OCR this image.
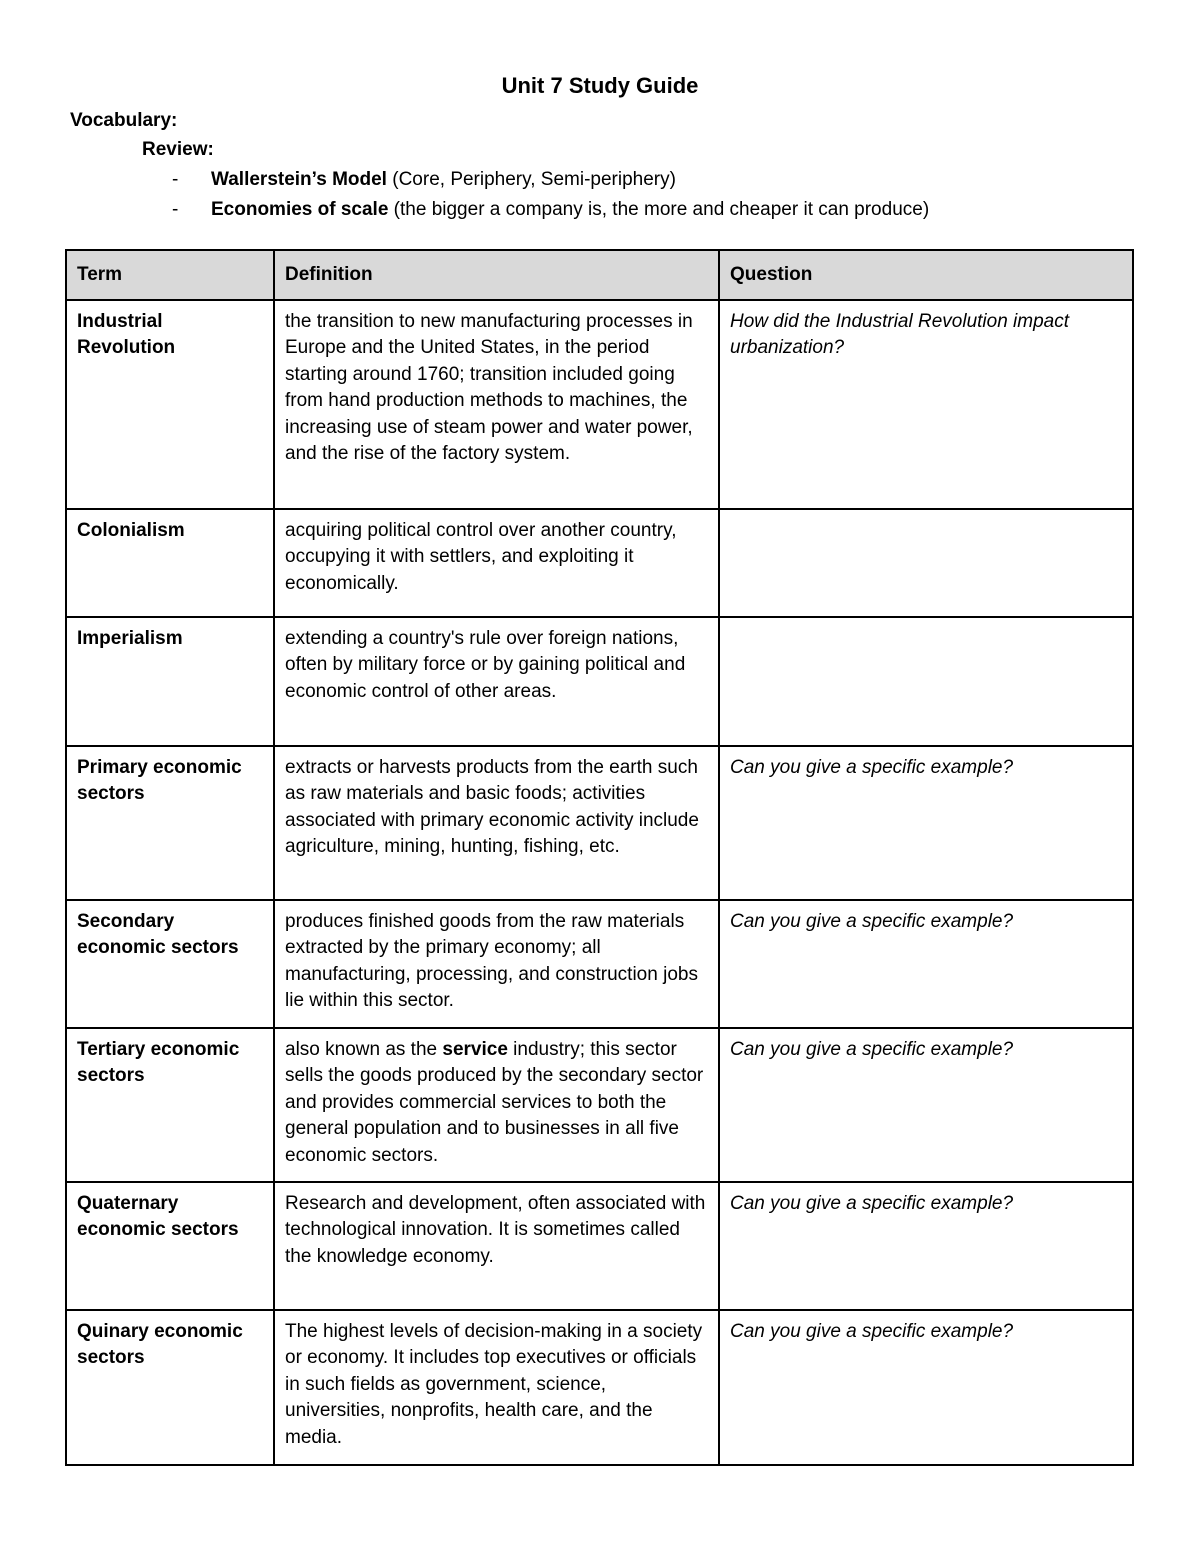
Unit 7 Study Guide
Vocabulary:
Review:
- Wallerstein’s Model (Core, Periphery, Semi-periphery)
- Economies of scale (the bigger a company is, the more and cheaper it can produce)
Term	Definition	Question
Industrial Revolution	the transition to new manufacturing processes in Europe and the United States, in the period starting around 1760; transition included going from hand production methods to machines, the increasing use of steam power and water power, and the rise of the factory system.	How did the Industrial Revolution impact urbanization?
Colonialism	acquiring political control over another country, occupying it with settlers, and exploiting it economically.	
Imperialism	extending a country's rule over foreign nations, often by military force or by gaining political and economic control of other areas.	
Primary economic sectors	extracts or harvests products from the earth such as raw materials and basic foods; activities associated with primary economic activity include agriculture, mining, hunting, fishing, etc.	Can you give a specific example?
Secondary economic sectors	produces finished goods from the raw materials extracted by the primary economy; all manufacturing, processing, and construction jobs lie within this sector.	Can you give a specific example?
Tertiary economic sectors	also known as the service industry; this sector sells the goods produced by the secondary sector and provides commercial services to both the general population and to businesses in all five economic sectors.	Can you give a specific example?
Quaternary economic sectors	Research and development, often associated with technological innovation. It is sometimes called the knowledge economy.	Can you give a specific example?
Quinary economic sectors	The highest levels of decision-making in a society or economy. It includes top executives or officials in such fields as government, science, universities, nonprofits, health care, and the media.	Can you give a specific example?
